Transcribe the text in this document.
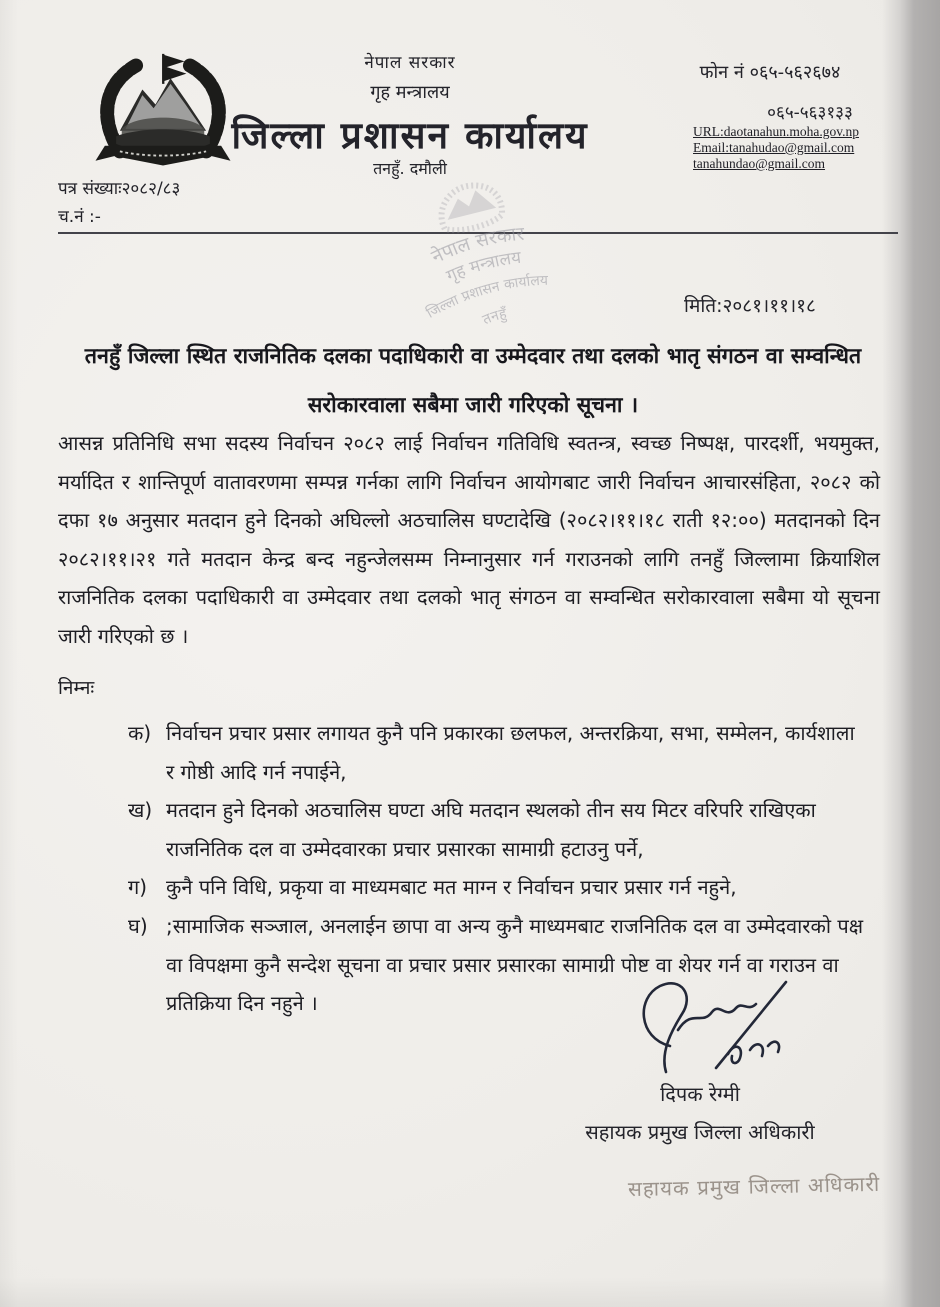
नेपाल सरकार
गृह मन्त्रालय
जिल्ला प्रशासन कार्यालय
तनहुँ. दमौली
फोन नं ०६५-५६२६७४
०६५-५६३१३३
URL:daotanahun.moha.gov.np
Email:tanahudao@gmail.com
tanahundao@gmail.com
पत्र संख्याः२०८२/८३
च.नं :-
नेपाल सरकार
गृह मन्त्रालय
जिल्ला प्रशासन कार्यालय
तनहुँ	मिति:२०८१।११।१८
तनहुँ जिल्ला स्थित राजनितिक दलका पदाधिकारी वा उम्मेदवार तथा दलको भातृ संगठन वा सम्वन्धित सरोकारवाला सबैमा जारी गरिएको सूचना ।
आसन्न प्रतिनिधि सभा सदस्य निर्वाचन २०८२ लाई निर्वाचन गतिविधि स्वतन्त्र, स्वच्छ निष्पक्ष, पारदर्शी, भयमुक्त, मर्यादित र शान्तिपूर्ण वातावरणमा सम्पन्न गर्नका लागि निर्वाचन आयोगबाट जारी निर्वाचन आचारसंहिता, २०८२ को दफा १७ अनुसार मतदान हुने दिनको अघिल्लो अठचालिस घण्टादेखि (२०८२।११।१८ राती १२:००) मतदानको दिन २०८२।११।२१ गते मतदान केन्द्र बन्द नहुन्जेलसम्म निम्नानुसार गर्न गराउनको लागि तनहुँ जिल्लामा क्रियाशिल राजनितिक दलका पदाधिकारी वा उम्मेदवार तथा दलको भातृ संगठन वा सम्वन्धित सरोकारवाला सबैमा यो सूचना जारी गरिएको छ ।
निम्नः
क) निर्वाचन प्रचार प्रसार लगायत कुनै पनि प्रकारका छलफल, अन्तरक्रिया, सभा, सम्मेलन, कार्यशाला र गोष्ठी आदि गर्न नपाईने,
ख) मतदान हुने दिनको अठचालिस घण्टा अघि मतदान स्थलको तीन सय मिटर वरिपरि राखिएका राजनितिक दल वा उम्मेदवारका प्रचार प्रसारका सामाग्री हटाउनु पर्ने,
ग) कुनै पनि विधि, प्रकृया वा माध्यमबाट मत माग्न र निर्वाचन प्रचार प्रसार गर्न नहुने,
घ) ;सामाजिक सञ्जाल, अनलाईन छापा वा अन्य कुनै माध्यमबाट राजनितिक दल वा उम्मेदवारको पक्ष वा विपक्षमा कुनै सन्देश सूचना वा प्रचार प्रसार प्रसारका सामाग्री पोष्ट वा शेयर गर्न वा गराउन वा प्रतिक्रिया दिन नहुने ।
दिपक रेग्मी
सहायक प्रमुख जिल्ला अधिकारी
सहायक प्रमुख जिल्ला अधिकारी
